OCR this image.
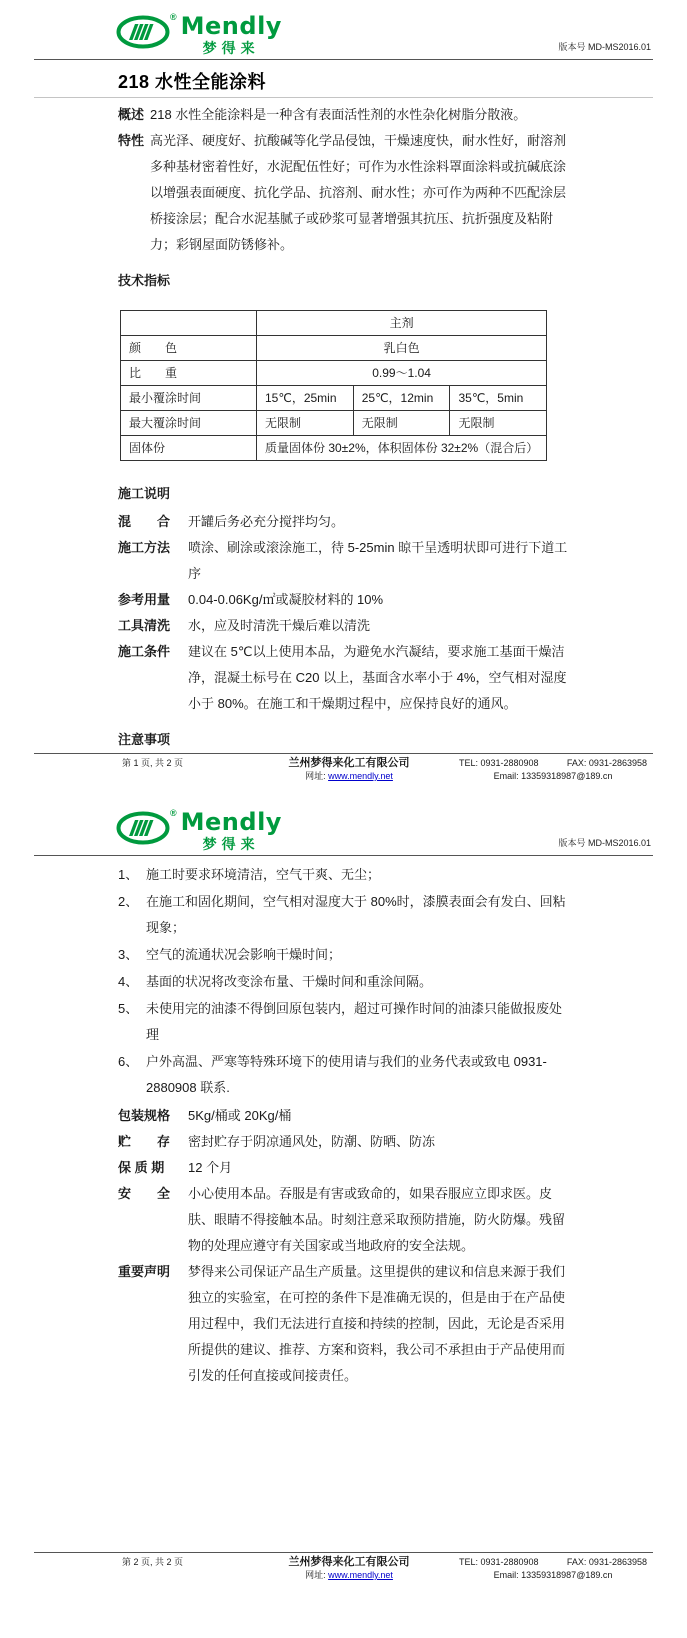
® Mendly
梦得来	版本号 MD-MS2016.01
218 水性全能涂料
概述 218 水性全能涂料是一种含有表面活性剂的水性杂化树脂分散液。
特性 高光泽、硬度好、抗酸碱等化学品侵蚀，干燥速度快，耐水性好，耐溶剂 多种基材密着性好，水泥配伍性好；可作为水性涂料罩面涂料或抗碱底涂 以增强表面硬度、抗化学品、抗溶剂、耐水性；亦可作为两种不匹配涂层 桥接涂层；配合水泥基腻子或砂浆可显著增强其抗压、抗折强度及粘附力；彩钢屋面防锈修补。
技术指标
	主剂		
颜　　色	乳白色		
比　　重	0.99～1.04		
最小覆涂时间	15℃，25min	25℃，12min	35℃，5min
最大覆涂时间	无限制	无限制	无限制
固体份	质量固体份 30±2%，体积固体份 32±2%（混合后）		
施工说明
混　　合	开罐后务必充分搅拌均匀。
施工方法	喷涂、刷涂或滚涂施工，待 5-25min 晾干呈透明状即可进行下道工序
参考用量	0.04-0.06Kg/㎡或凝胶材料的 10%
工具清洗	水，应及时清洗干燥后难以清洗
施工条件	建议在 5℃以上使用本品，为避免水汽凝结，要求施工基面干燥洁净，混凝土标号在 C20 以上，基面含水率小于 4%，空气相对湿度小于 80%。在施工和干燥期过程中，应保持良好的通风。
注意事项
第 1 页, 共 2 页	兰州梦得来化工有限公司	TEL: 0931-2880908	FAX: 0931-2863958
网址: www.mendly.net	Email: 13359318987@189.cn
® Mendly
梦得来	版本号 MD-MS2016.01
1、 施工时要求环境清洁，空气干爽、无尘；
2、 在施工和固化期间，空气相对湿度大于 80%时，漆膜表面会有发白、回粘现象；
3、 空气的流通状况会影响干燥时间；
4、 基面的状况将改变涂布量、干燥时间和重涂间隔。
5、 未使用完的油漆不得倒回原包装内，超过可操作时间的油漆只能做报废处理
6、 户外高温、严寒等特殊环境下的使用请与我们的业务代表或致电 0931-2880908 联系.
包装规格	5Kg/桶或 20Kg/桶
贮　　存	密封贮存于阴凉通风处，防潮、防晒、防冻
保 质 期	12 个月
安　　全	小心使用本品。吞服是有害或致命的，如果吞服应立即求医。皮肤、眼睛不得接触本品。时刻注意采取预防措施，防火防爆。残留物的处理应遵守有关国家或当地政府的安全法规。
重要声明	梦得来公司保证产品生产质量。这里提供的建议和信息来源于我们独立的实验室，在可控的条件下是准确无误的，但是由于在产品使用过程中，我们无法进行直接和持续的控制，因此，无论是否采用所提供的建议、推荐、方案和资料，我公司不承担由于产品使用而引发的任何直接或间接责任。
第 2 页, 共 2 页	兰州梦得来化工有限公司	TEL: 0931-2880908	FAX: 0931-2863958
网址: www.mendly.net	Email: 13359318987@189.cn
